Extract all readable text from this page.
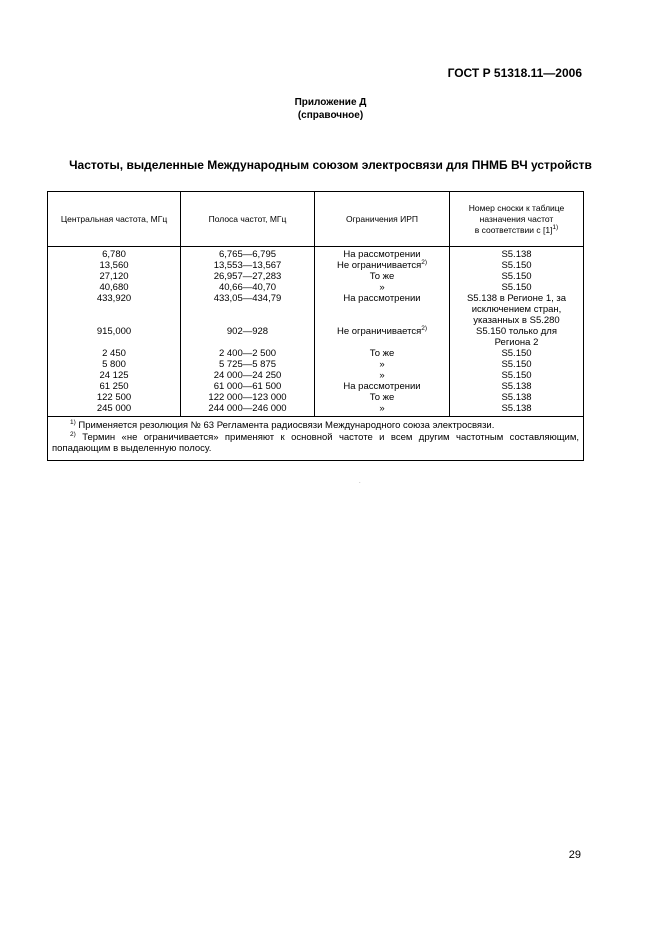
ГОСТ Р 51318.11—2006
Приложение Д
(справочное)
Частоты, выделенные Международным союзом электросвязи для ПНМБ ВЧ устройств
Центральная частота, МГц	Полоса частот, МГц	Ограничения ИРП	Номер сноски к таблице
назначения частот
в соответствии с $[1]^{1)}$

6,780	6,765—6,795	На рассмотрении	S5.138

13,560	13,553—13,567	Не ограничивается$^{2)}$	S5.150

27,120	26,957—27,283	То же	S5.150

40,680	40,66—40,70	»	S5.150

433,920	433,05—434,79	На рассмотрении	S5.138 в Регионе 1, за
исключением стран,
указанных в S5.280

915,000	902—928	Не ограничивается$^{2)}$	S5.150 только для
Региона 2

2 450	2 400—2 500	То же	S5.150

5 800	5 725—5 875	»	S5.150

24 125	24 000—24 250	»	S5.150

61 250	61 000—61 500	На рассмотрении	S5.138

122 500	122 000—123 000	То же	S5.138

245 000	244 000—246 000	»	S5.138

$^{1)}$ Применяется резолюция № 63 Регламента радиосвязи Международного союза электросвязи.
$^{2)}$ Термин «не ограничивается» применяют к основной частоте и всем другим частотным составляющим, попадающим в выделенную полосу.			
.
29
